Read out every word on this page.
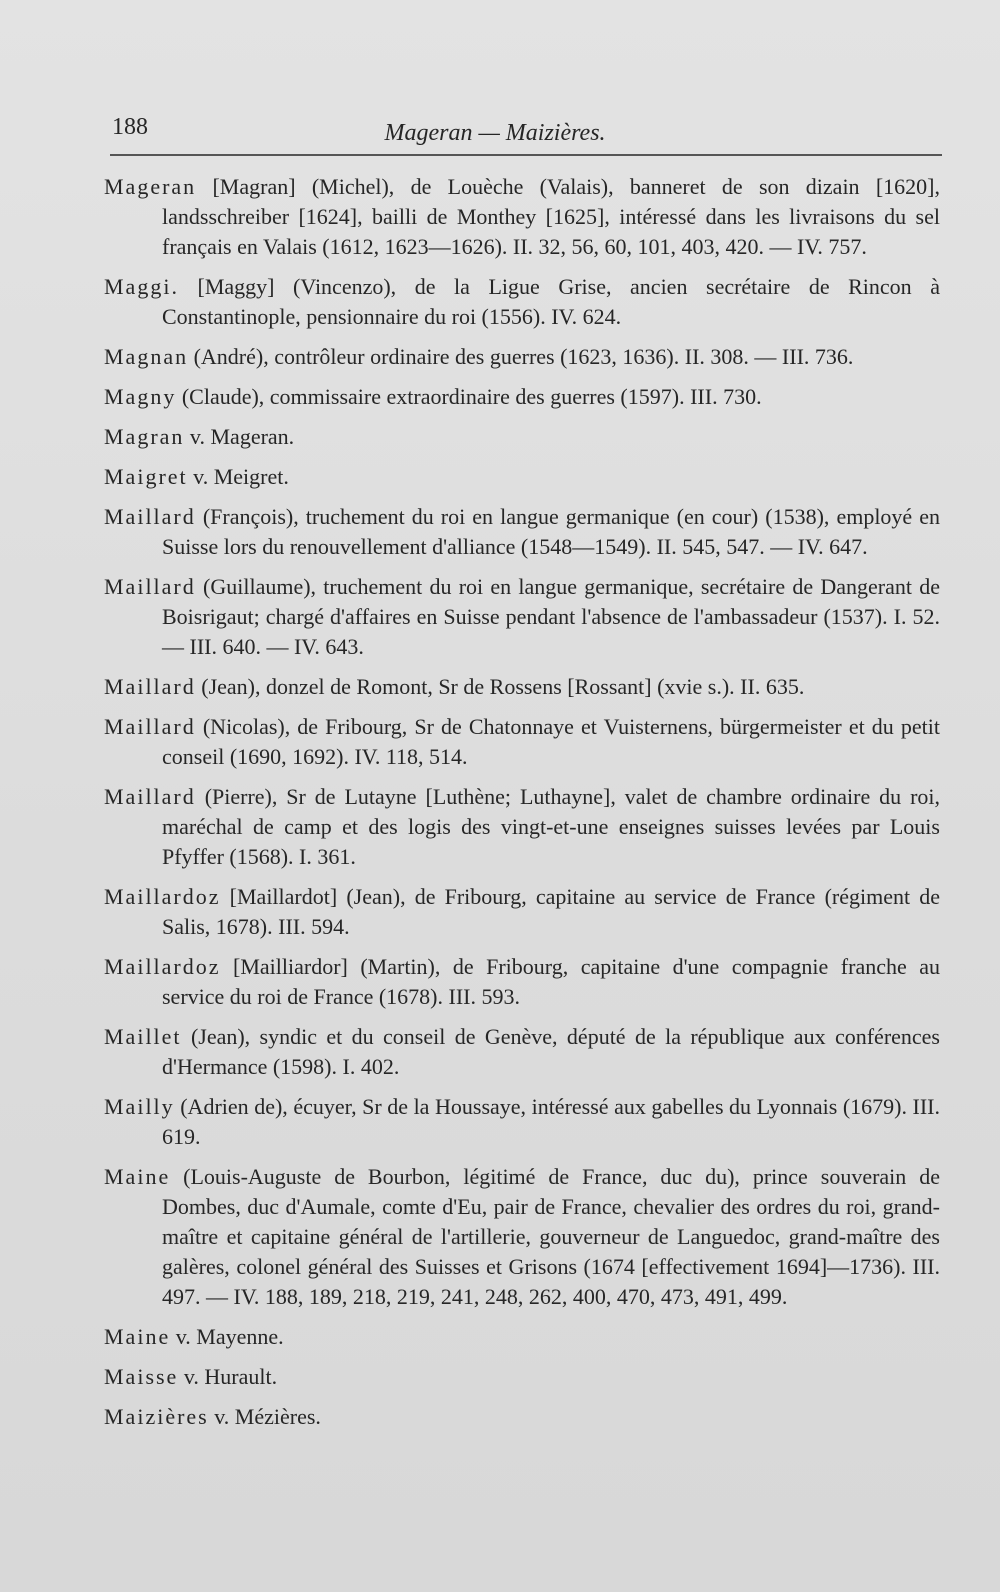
188	Mageran — Maizières.
Mageran [Magran] (Michel), de Louèche (Valais), banneret de son dizain [1620], landsschreiber [1624], bailli de Monthey [1625], intéressé dans les livraisons du sel français en Valais (1612, 1623—1626). II. 32, 56, 60, 101, 403, 420. — IV. 757.
Maggi. [Maggy] (Vincenzo), de la Ligue Grise, ancien secrétaire de Rincon à Constantinople, pensionnaire du roi (1556). IV. 624.
Magnan (André), contrôleur ordinaire des guerres (1623, 1636). II. 308. — III. 736.
Magny (Claude), commissaire extraordinaire des guerres (1597). III. 730.
Magran v. Mageran.
Maigret v. Meigret.
Maillard (François), truchement du roi en langue germanique (en cour) (1538), employé en Suisse lors du renouvellement d'alliance (1548—1549). II. 545, 547. — IV. 647.
Maillard (Guillaume), truchement du roi en langue germanique, secrétaire de Dangerant de Boisrigaut; chargé d'affaires en Suisse pendant l'absence de l'ambassadeur (1537). I. 52. — III. 640. — IV. 643.
Maillard (Jean), donzel de Romont, Sr de Rossens [Rossant] (xvie s.). II. 635.
Maillard (Nicolas), de Fribourg, Sr de Chatonnaye et Vuisternens, bürgermeister et du petit conseil (1690, 1692). IV. 118, 514.
Maillard (Pierre), Sr de Lutayne [Luthène; Luthayne], valet de chambre ordinaire du roi, maréchal de camp et des logis des vingt-et-une enseignes suisses levées par Louis Pfyffer (1568). I. 361.
Maillardoz [Maillardot] (Jean), de Fribourg, capitaine au service de France (régiment de Salis, 1678). III. 594.
Maillardoz [Mailliardor] (Martin), de Fribourg, capitaine d'une compagnie franche au service du roi de France (1678). III. 593.
Maillet (Jean), syndic et du conseil de Genève, député de la république aux conférences d'Hermance (1598). I. 402.
Mailly (Adrien de), écuyer, Sr de la Houssaye, intéressé aux gabelles du Lyonnais (1679). III. 619.
Maine (Louis-Auguste de Bourbon, légitimé de France, duc du), prince souverain de Dombes, duc d'Aumale, comte d'Eu, pair de France, chevalier des ordres du roi, grand-maître et capitaine général de l'artillerie, gouverneur de Languedoc, grand-maître des galères, colonel général des Suisses et Grisons (1674 [effectivement 1694]—1736). III. 497. — IV. 188, 189, 218, 219, 241, 248, 262, 400, 470, 473, 491, 499.
Maine v. Mayenne.
Maisse v. Hurault.
Maizières v. Mézières.
